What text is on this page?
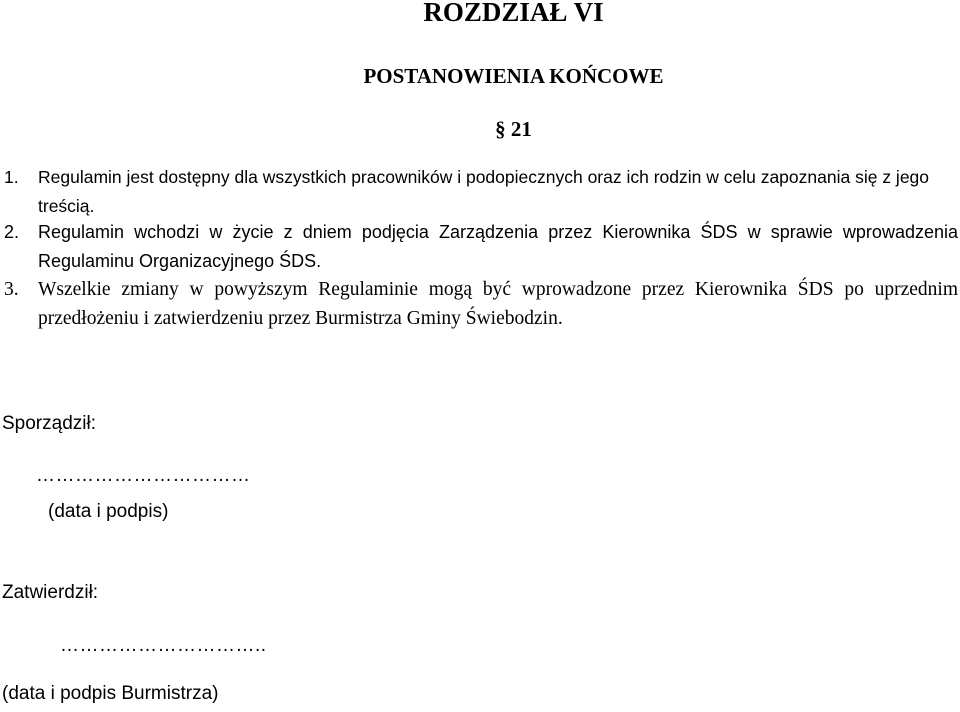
ROZDZIAŁ VI
POSTANOWIENIA KOŃCOWE
§ 21
1. Regulamin jest dostępny dla wszystkich pracowników i podopiecznych oraz ich rodzin w celu zapoznania się z jego treścią.
2. Regulamin wchodzi w życie z dniem podjęcia Zarządzenia przez Kierownika ŚDS w sprawie wprowadzenia Regulaminu Organizacyjnego ŚDS.
3. Wszelkie zmiany w powyższym Regulaminie mogą być wprowadzone przez Kierownika ŚDS po uprzednim przedłożeniu i zatwierdzeniu przez Burmistrza Gminy Świebodzin.
Sporządził:
……………………………
(data i podpis)
Zatwierdził:
…………………………..
(data i podpis Burmistrza)
